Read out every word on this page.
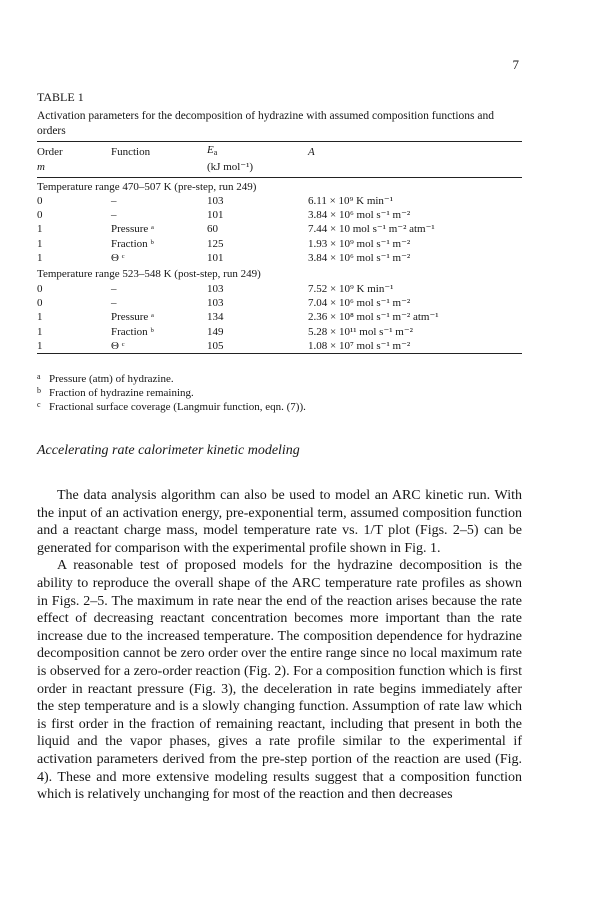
7
TABLE 1
Activation parameters for the decomposition of hydrazine with assumed composition functions and orders
Order	Function	$E_a$	A
m		(kJ mol⁻¹)	
Temperature range 470–507 K (pre-step, run 249)			
0	–	103	6.11 × 10⁹ K min⁻¹
0	–	101	3.84 × 10⁶ mol s⁻¹ m⁻²
1	Pressure ᵃ	60	7.44 × 10 mol s⁻¹ m⁻² atm⁻¹
1	Fraction ᵇ	125	1.93 × 10⁹ mol s⁻¹ m⁻²
1	Θ ᶜ	101	3.84 × 10⁶ mol s⁻¹ m⁻²
Temperature range 523–548 K (post-step, run 249)			
0	–	103	7.52 × 10⁹ K min⁻¹
0	–	103	7.04 × 10⁶ mol s⁻¹ m⁻²
1	Pressure ᵃ	134	2.36 × 10⁸ mol s⁻¹ m⁻² atm⁻¹
1	Fraction ᵇ	149	5.28 × 10¹¹ mol s⁻¹ m⁻²
1	Θ ᶜ	105	1.08 × 10⁷ mol s⁻¹ m⁻²
a Pressure (atm) of hydrazine.
b Fraction of hydrazine remaining.
c Fractional surface coverage (Langmuir function, eqn. (7)).
Accelerating rate calorimeter kinetic modeling

The data analysis algorithm can also be used to model an ARC kinetic run. With the input of an activation energy, pre-exponential term, assumed composition function and a reactant charge mass, model temperature rate vs. 1/T plot (Figs. 2–5) can be generated for comparison with the experimental profile shown in Fig. 1.

A reasonable test of proposed models for the hydrazine decomposition is the ability to reproduce the overall shape of the ARC temperature rate profiles as shown in Figs. 2–5. The maximum in rate near the end of the reaction arises because the rate effect of decreasing reactant concentration becomes more important than the rate increase due to the increased temperature. The composition dependence for hydrazine decomposition cannot be zero order over the entire range since no local maximum rate is observed for a zero-order reaction (Fig. 2). For a composition function which is first order in reactant pressure (Fig. 3), the deceleration in rate begins immediately after the step temperature and is a slowly changing function. Assumption of rate law which is first order in the fraction of remaining reactant, including that present in both the liquid and the vapor phases, gives a rate profile similar to the experimental if activation parameters derived from the pre-step portion of the reaction are used (Fig. 4). These and more extensive modeling results suggest that a composition function which is relatively unchanging for most of the reaction and then decreases
